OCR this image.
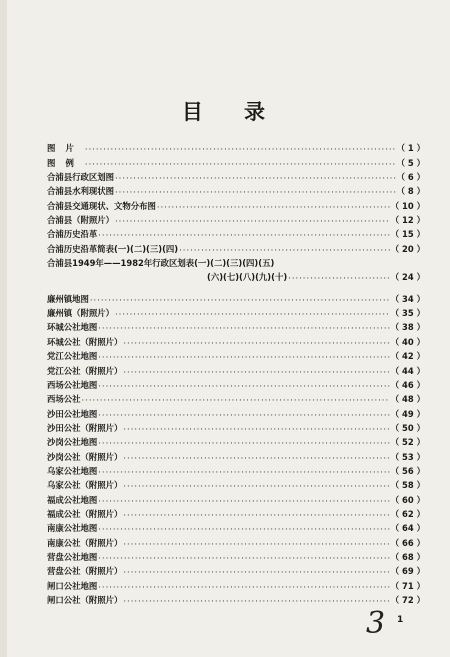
目 录
图片 ·····	（ 1 ）
图例 ·····	（ 5 ）
合浦县行政区划图 ·····	（ 6 ）
合浦县水利现状图 ·····	（ 8 ）
合浦县交通现状、文物分布图 ·····	（ 10 ）
合浦县（附照片） ·····	（ 12 ）
合浦历史沿革 ·····	（ 15 ）
合浦历史沿革简表(一)(二)(三)(四) ·····	（ 20 ）
合浦县1949年——1982年行政区划表(一)(二)(三)(四)(五)
(六)(七)(八)(九)(十) ·····	（ 24 ）
廉州镇地图 ·····	（ 34 ）
廉州镇（附照片） ·····	（ 35 ）
环城公社地图 ·····	（ 38 ）
环城公社（附照片） ·····	（ 40 ）
党江公社地图 ·····	（ 42 ）
党江公社（附照片） ·····	（ 44 ）
西场公社地图 ·····	（ 46 ）
西场公社 ·····	（ 48 ）
沙田公社地图 ·····	（ 49 ）
沙田公社（附照片） ·····	（ 50 ）
沙岗公社地图 ·····	（ 52 ）
沙岗公社（附照片） ·····	（ 53 ）
乌家公社地图 ·····	（ 56 ）
乌家公社（附照片） ·····	（ 58 ）
福成公社地图 ·····	（ 60 ）
福成公社（附照片） ·····	（ 62 ）
南康公社地图 ·····	（ 64 ）
南康公社（附照片） ·····	（ 66 ）
营盘公社地图 ·····	（ 68 ）
营盘公社（附照片） ·····	（ 69 ）
闸口公社地图 ·····	（ 71 ）
闸口公社（附照片） ·····	（ 72 ）
3 1
